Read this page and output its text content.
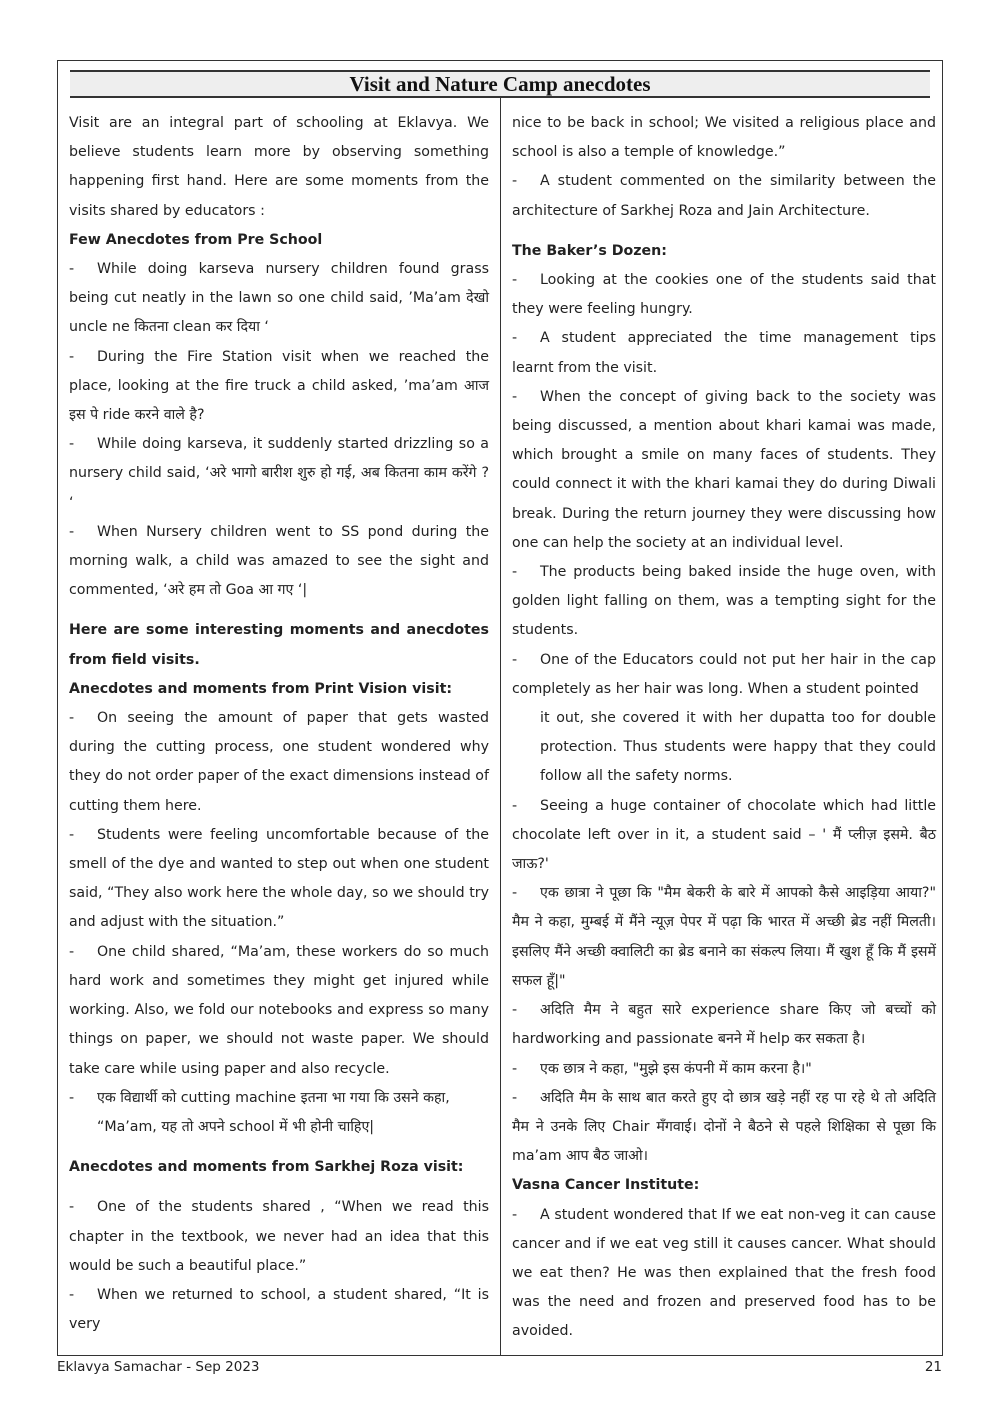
Visit and Nature Camp anecdotes

Visit are an integral part of schooling at Eklavya. We believe students learn more by observing something happening first hand. Here are some moments from the visits shared by educators :

Few Anecdotes from Pre School

- While doing karseva nursery children found grass being cut neatly in the lawn so one child said, ’Ma’am देखो uncle ne कितना clean कर दिया ‘

- During the Fire Station visit when we reached the place, looking at the fire truck a child asked, ’ma’am आज इस पे ride करने वाले है?

- While doing karseva, it suddenly started drizzling so a nursery child said, ‘अरे भागो बारीश शुरु हो गई, अब कितना काम करेंगे ? ‘

- When Nursery children went to SS pond during the morning walk, a child was amazed to see the sight and commented, ‘अरे हम तो Goa आ गए ‘|

Here are some interesting moments and anecdotes from field visits.

Anecdotes and moments from Print Vision visit:

- On seeing the amount of paper that gets wasted during the cutting process, one student wondered why they do not order paper of the exact dimensions instead of cutting them here.

- Students were feeling uncomfortable because of the smell of the dye and wanted to step out when one student said, “They also work here the whole day, so we should try and adjust with the situation.”

- One child shared, “Ma’am, these workers do so much hard work and sometimes they might get injured while working. Also, we fold our notebooks and express so many things on paper, we should not waste paper. We should take care while using paper and also recycle.

- एक विद्यार्थी को cutting machine इतना भा गया कि उसने कहा,

“Ma’am, यह तो अपने school में भी होनी चाहिए|

Anecdotes and moments from Sarkhej Roza visit:

- One of the students shared , “When we read this chapter in the textbook, we never had an idea that this would be such a beautiful place.”

- When we returned to school, a student shared, “It is very

nice to be back in school; We visited a religious place and school is also a temple of knowledge.”

- A student commented on the similarity between the architecture of Sarkhej Roza and Jain Architecture.

The Baker’s Dozen:

- Looking at the cookies one of the students said that they were feeling hungry.

- A student appreciated the time management tips learnt from the visit.

- When the concept of giving back to the society was being discussed, a mention about khari kamai was made, which brought a smile on many faces of students. They could connect it with the khari kamai they do during Diwali break. During the return journey they were discussing how one can help the society at an individual level.

- The products being baked inside the huge oven, with golden light falling on them, was a tempting sight for the students.

- One of the Educators could not put her hair in the cap completely as her hair was long. When a student pointed

it out, she covered it with her dupatta too for double protection. Thus students were happy that they could follow all the safety norms.

- Seeing a huge container of chocolate which had little chocolate left over in it, a student said – ' मैं प्लीज़ इसमे. बैठ जाऊ?'

- एक छात्रा ने पूछा कि "मैम बेकरी के बारे में आपको कैसे आइड़िया आया?" मैम ने कहा, मुम्बई में मैंने न्यूज़ पेपर में पढ़ा कि भारत में अच्छी ब्रेड नहीं मिलती। इसलिए मैंने अच्छी क्वालिटी का ब्रेड बनाने का संकल्प लिया। मैं खुश हूँ कि मैं इसमें सफल हूँ|"

- अदिति मैम ने बहुत सारे experience share किए जो बच्चों को hardworking and passionate बनने में help कर सकता है।

- एक छात्र ने कहा, "मुझे इस कंपनी में काम करना है।"

- अदिति मैम के साथ बात करते हुए दो छात्र खड़े नहीं रह पा रहे थे तो अदिति मैम ने उनके लिए Chair मँगवाई। दोनों ने बैठने से पहले शिक्षिका से पूछा कि ma’am आप बैठ जाओ।

Vasna Cancer Institute:

- A student wondered that If we eat non-veg it can cause cancer and if we eat veg still it causes cancer. What should we eat then? He was then explained that the fresh food was the need and frozen and preserved food has to be avoided.

Eklavya Samachar - Sep 2023	21
